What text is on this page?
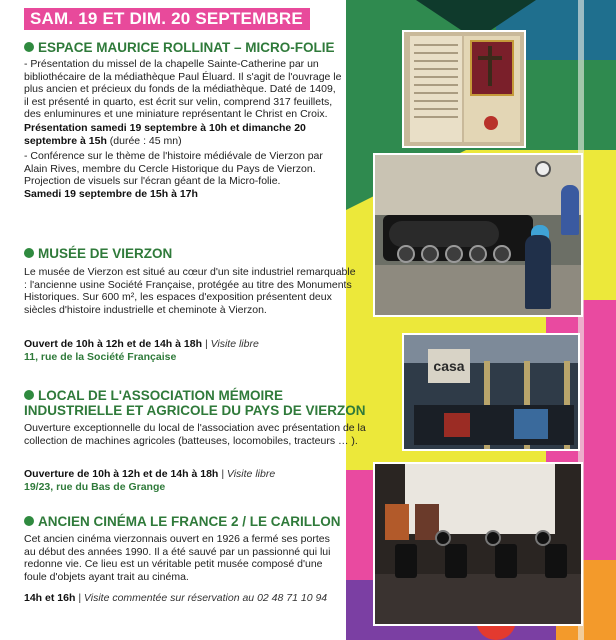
casa
SAM. 19 ET DIM. 20 SEPTEMBRE
ESPACE MAURICE ROLLINAT – MICRO-FOLIE

- Présentation du missel de la chapelle Sainte-Catherine par un bibliothécaire de la médiathèque Paul Éluard. Il s'agit de l'ouvrage le plus ancien et précieux du fonds de la médiathèque. Daté de 1409, il est présenté in quarto, est écrit sur velin, comprend 317 feuillets, des enluminures et une miniature représentant le Christ en Croix.

Présentation samedi 19 septembre à 10h et dimanche 20 septembre à 15h (durée : 45 mn)

- Conférence sur le thème de l'histoire médiévale de Vierzon par Alain Rives, membre du Cercle Historique du Pays de Vierzon. Projection de visuels sur l'écran géant de la Micro-folie.

Samedi 19 septembre de 15h à 17h

MUSÉE DE VIERZON

Le musée de Vierzon est situé au cœur d'un site industriel remarquable : l'ancienne usine Société Française, protégée au titre des Monuments Historiques. Sur 600 m², les espaces d'exposition présentent deux siècles d'histoire industrielle et cheminote à Vierzon.

Ouvert de 10h à 12h et de 14h à 18h | Visite libre
11, rue de la Société Française
LOCAL DE L'ASSOCIATION MÉMOIRE
INDUSTRIELLE ET AGRICOLE DU PAYS DE VIERZON

Ouverture exceptionnelle du local de l'association avec présentation de la collection de machines agricoles (batteuses, locomobiles, tracteurs … ).

Ouverture de 10h à 12h et de 14h à 18h | Visite libre
19/23, rue du Bas de Grange
ANCIEN CINÉMA LE FRANCE 2 / LE CARILLON

Cet ancien cinéma vierzonnais ouvert en 1926 a fermé ses portes au début des années 1990. Il a été sauvé par un passionné qui lui redonne vie. Ce lieu est un véritable petit musée composé d'une foule d'objets ayant trait au cinéma.

14h et 16h | Visite commentée sur réservation au 02 48 71 10 94
